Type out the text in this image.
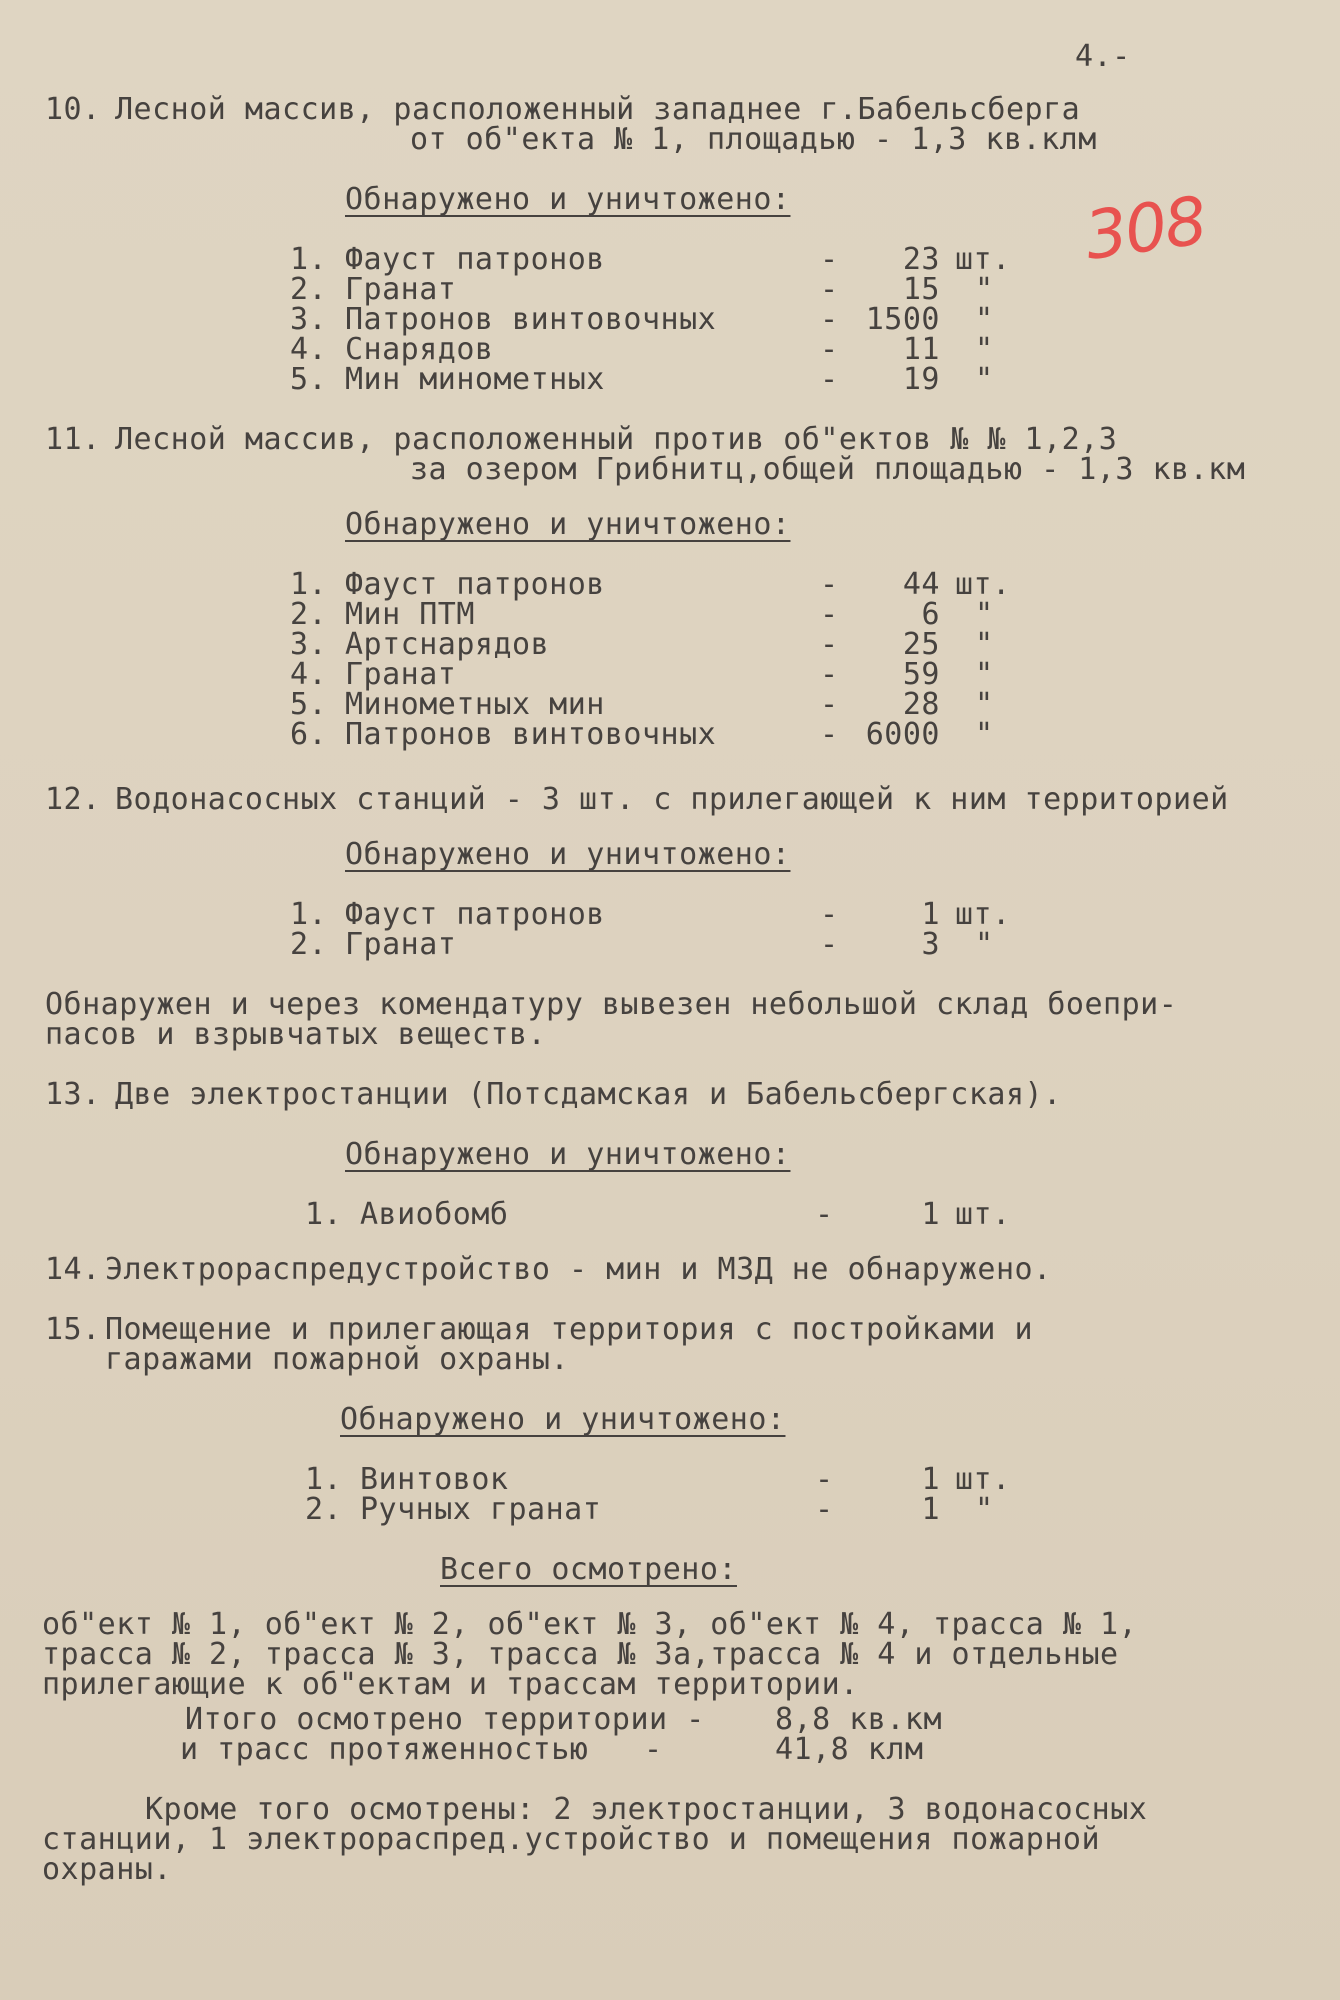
4.-
308
10. Лесной массив, расположенный западнее г.Бабельсберга
от об"екта № 1, площадью - 1,3 кв.клм
Обнаружено и уничтожено:
1. Фауст патронов	-	23 шт.
2. Гранат	-	15 "
3. Патронов винтовочных	- 1500 "
4. Снарядов	-	11 "
5. Мин минометных	-	19 "
11. Лесной массив, расположенный против об"ектов № № 1,2,3
за озером Грибнитц,общей площадью - 1,3 кв.км
Обнаружено и уничтожено:
1. Фауст патронов	-	44 шт.
2. Мин ПТМ	-	6 "
3. Артснарядов	-	25 "
4. Гранат	-	59 "
5. Минометных мин	-	28 "
6. Патронов винтовочных	- 6000 "
12. Водонасосных станций - 3 шт. с прилегающей к ним территорией
Обнаружено и уничтожено:
1. Фауст патронов	-	1 шт.
2. Гранат	-	3 "
Обнаружен и через комендатуру вывезен небольшой склад боепри-
пасов и взрывчатых веществ.
13. Две электростанции (Потсдамская и Бабельсбергская).
Обнаружено и уничтожено:
1. Авиобомб	-	1 шт.
14. Электрораспредустройство - мин и МЗД не обнаружено.
15. Помещение и прилегающая территория с постройками и
гаражами пожарной охраны.
Обнаружено и уничтожено:
1. Винтовок	-	1 шт.
2. Ручных гранат	-	1 "
Всего осмотрено:
об"ект № 1, об"ект № 2, об"ект № 3, об"ект № 4, трасса № 1,
трасса № 2, трасса № 3, трасса № 3а,трасса № 4 и отдельные
прилегающие к об"ектам и трассам территории.
Итого осмотрено территории - 8,8 кв.км
и трасс протяженностью   -	41,8 клм
Кроме того осмотрены: 2 электростанции, 3 водонасосных
станции, 1 электрораспред.устройство и помещения пожарной
охраны.
